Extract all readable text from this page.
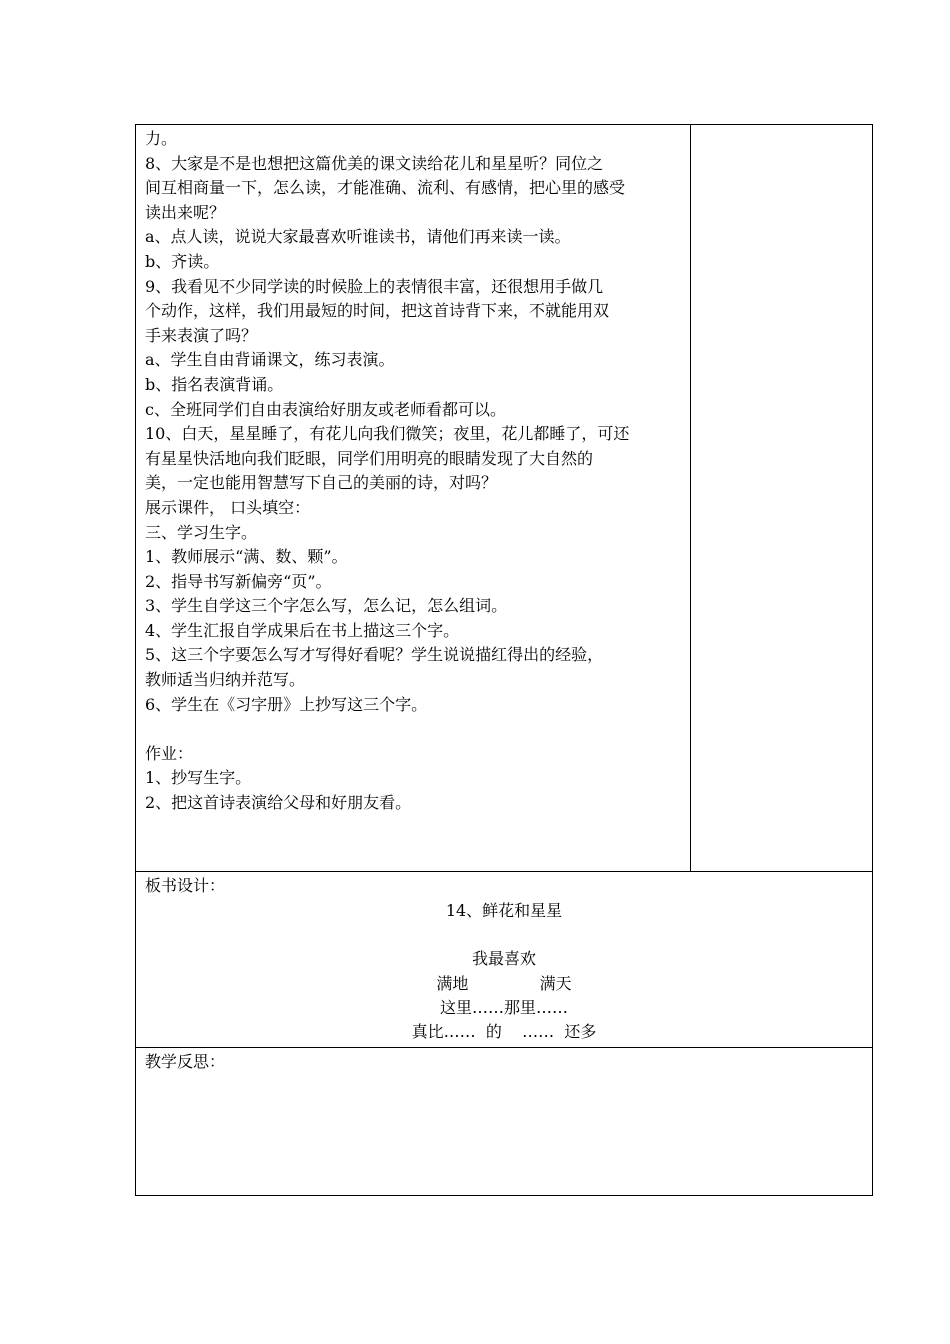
力。
8、大家是不是也想把这篇优美的课文读给花儿和星星听？同位之
间互相商量一下，怎么读，才能准确、流利、有感情，把心里的感受
读出来呢？
a、点人读，说说大家最喜欢听谁读书，请他们再来读一读。
b、齐读。
9、我看见不少同学读的时候脸上的表情很丰富，还很想用手做几
个动作，这样，我们用最短的时间，把这首诗背下来，不就能用双
手来表演了吗？
a、学生自由背诵课文，练习表演。
b、指名表演背诵。
c、全班同学们自由表演给好朋友或老师看都可以。
10、白天，星星睡了，有花儿向我们微笑；夜里，花儿都睡了，可还
有星星快活地向我们眨眼，同学们用明亮的眼睛发现了大自然的
美，一定也能用智慧写下自己的美丽的诗，对吗？
展示课件， 口头填空：
三、学习生字。
1、教师展示“满、数、颗”。
2、指导书写新偏旁“页”。
3、学生自学这三个字怎么写，怎么记，怎么组词。
4、学生汇报自学成果后在书上描这三个字。
5、这三个字要怎么写才写得好看呢？学生说说描红得出的经验，
教师适当归纳并范写。
6、学生在《习字册》上抄写这三个字。
作业：
1、抄写生字。
2、把这首诗表演给父母和好朋友看。
板书设计：
14、鲜花和星星
我最喜欢
满地              满天
这里……那里……
真比……  的    ……  还多
教学反思：
